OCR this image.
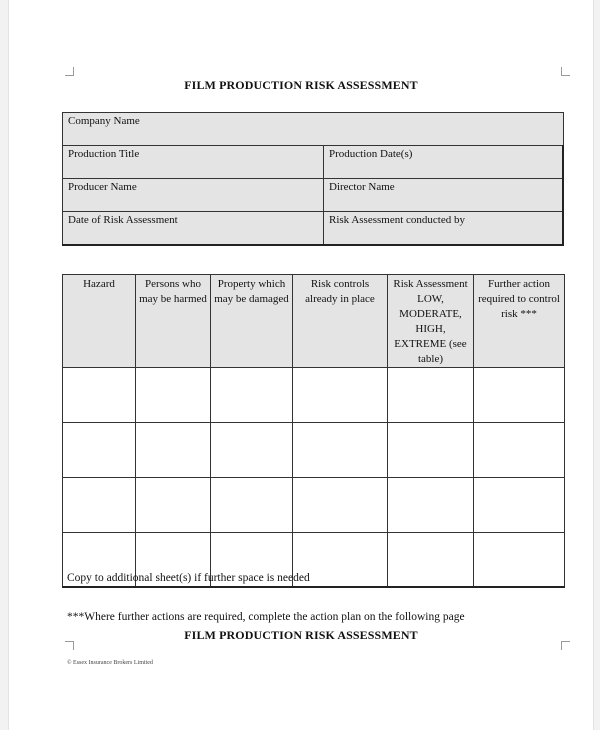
FILM PRODUCTION RISK ASSESSMENT
Company Name	
Production Title	Production Date(s)
Producer Name	Director Name
Date of Risk Assessment	Risk Assessment conducted by
Hazard	Persons who may be harmed	Property which may be damaged	Risk controls already in place	Risk Assessment LOW, MODERATE, HIGH, EXTREME (see table)	Further action required to control risk ***

Copy to additional sheet(s) if further space is needed
***Where further actions are required, complete the action plan on the following page
FILM PRODUCTION RISK ASSESSMENT
© Essex Insurance Brokers Limited
